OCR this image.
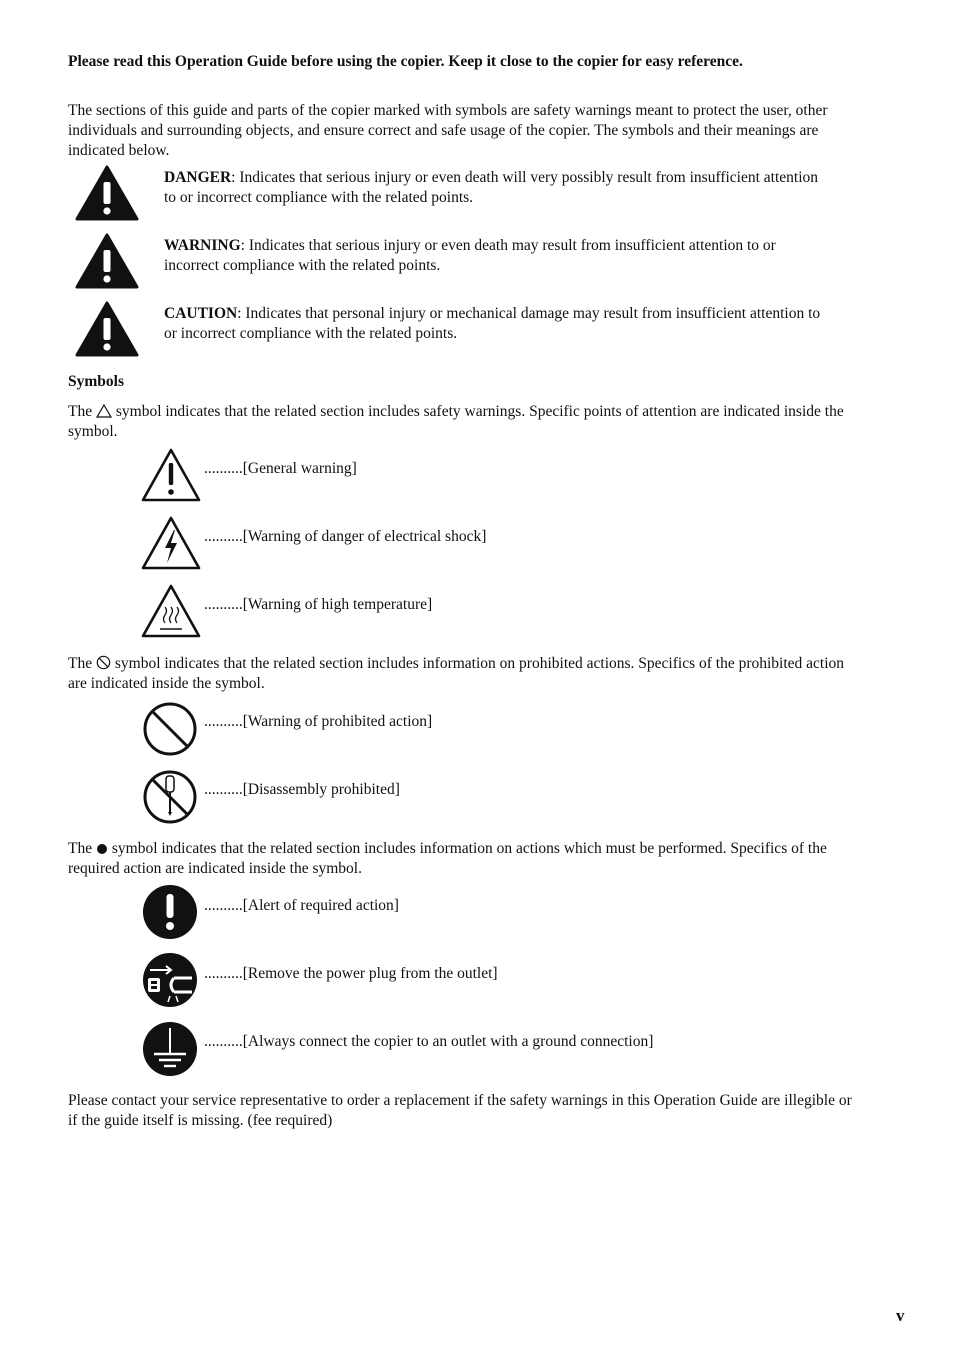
Please read this Operation Guide before using the copier. Keep it close to the copier for easy reference.

The sections of this guide and parts of the copier marked with symbols are safety warnings meant to protect the user, other individuals and surrounding objects, and ensure correct and safe usage of the copier. The symbols and their meanings are indicated below.

DANGER: Indicates that serious injury or even death will very possibly result from insufficient attention to or incorrect compliance with the related points.
WARNING: Indicates that serious injury or even death may result from insufficient attention to or incorrect compliance with the related points.
CAUTION: Indicates that personal injury or mechanical damage may result from insufficient attention to or incorrect compliance with the related points.

Symbols

The symbol indicates that the related section includes safety warnings. Specific points of attention are indicated inside the symbol.

..........[General warning]
..........[Warning of danger of electrical shock]
..........[Warning of high temperature]

The symbol indicates that the related section includes information on prohibited actions. Specifics of the prohibited action are indicated inside the symbol.

..........[Warning of prohibited action]
..........[Disassembly prohibited]

The symbol indicates that the related section includes information on actions which must be performed. Specifics of the required action are indicated inside the symbol.

..........[Alert of required action]
..........[Remove the power plug from the outlet]
..........[Always connect the copier to an outlet with a ground connection]

Please contact your service representative to order a replacement if the safety warnings in this Operation Guide are illegible or if the guide itself is missing. (fee required)

v
